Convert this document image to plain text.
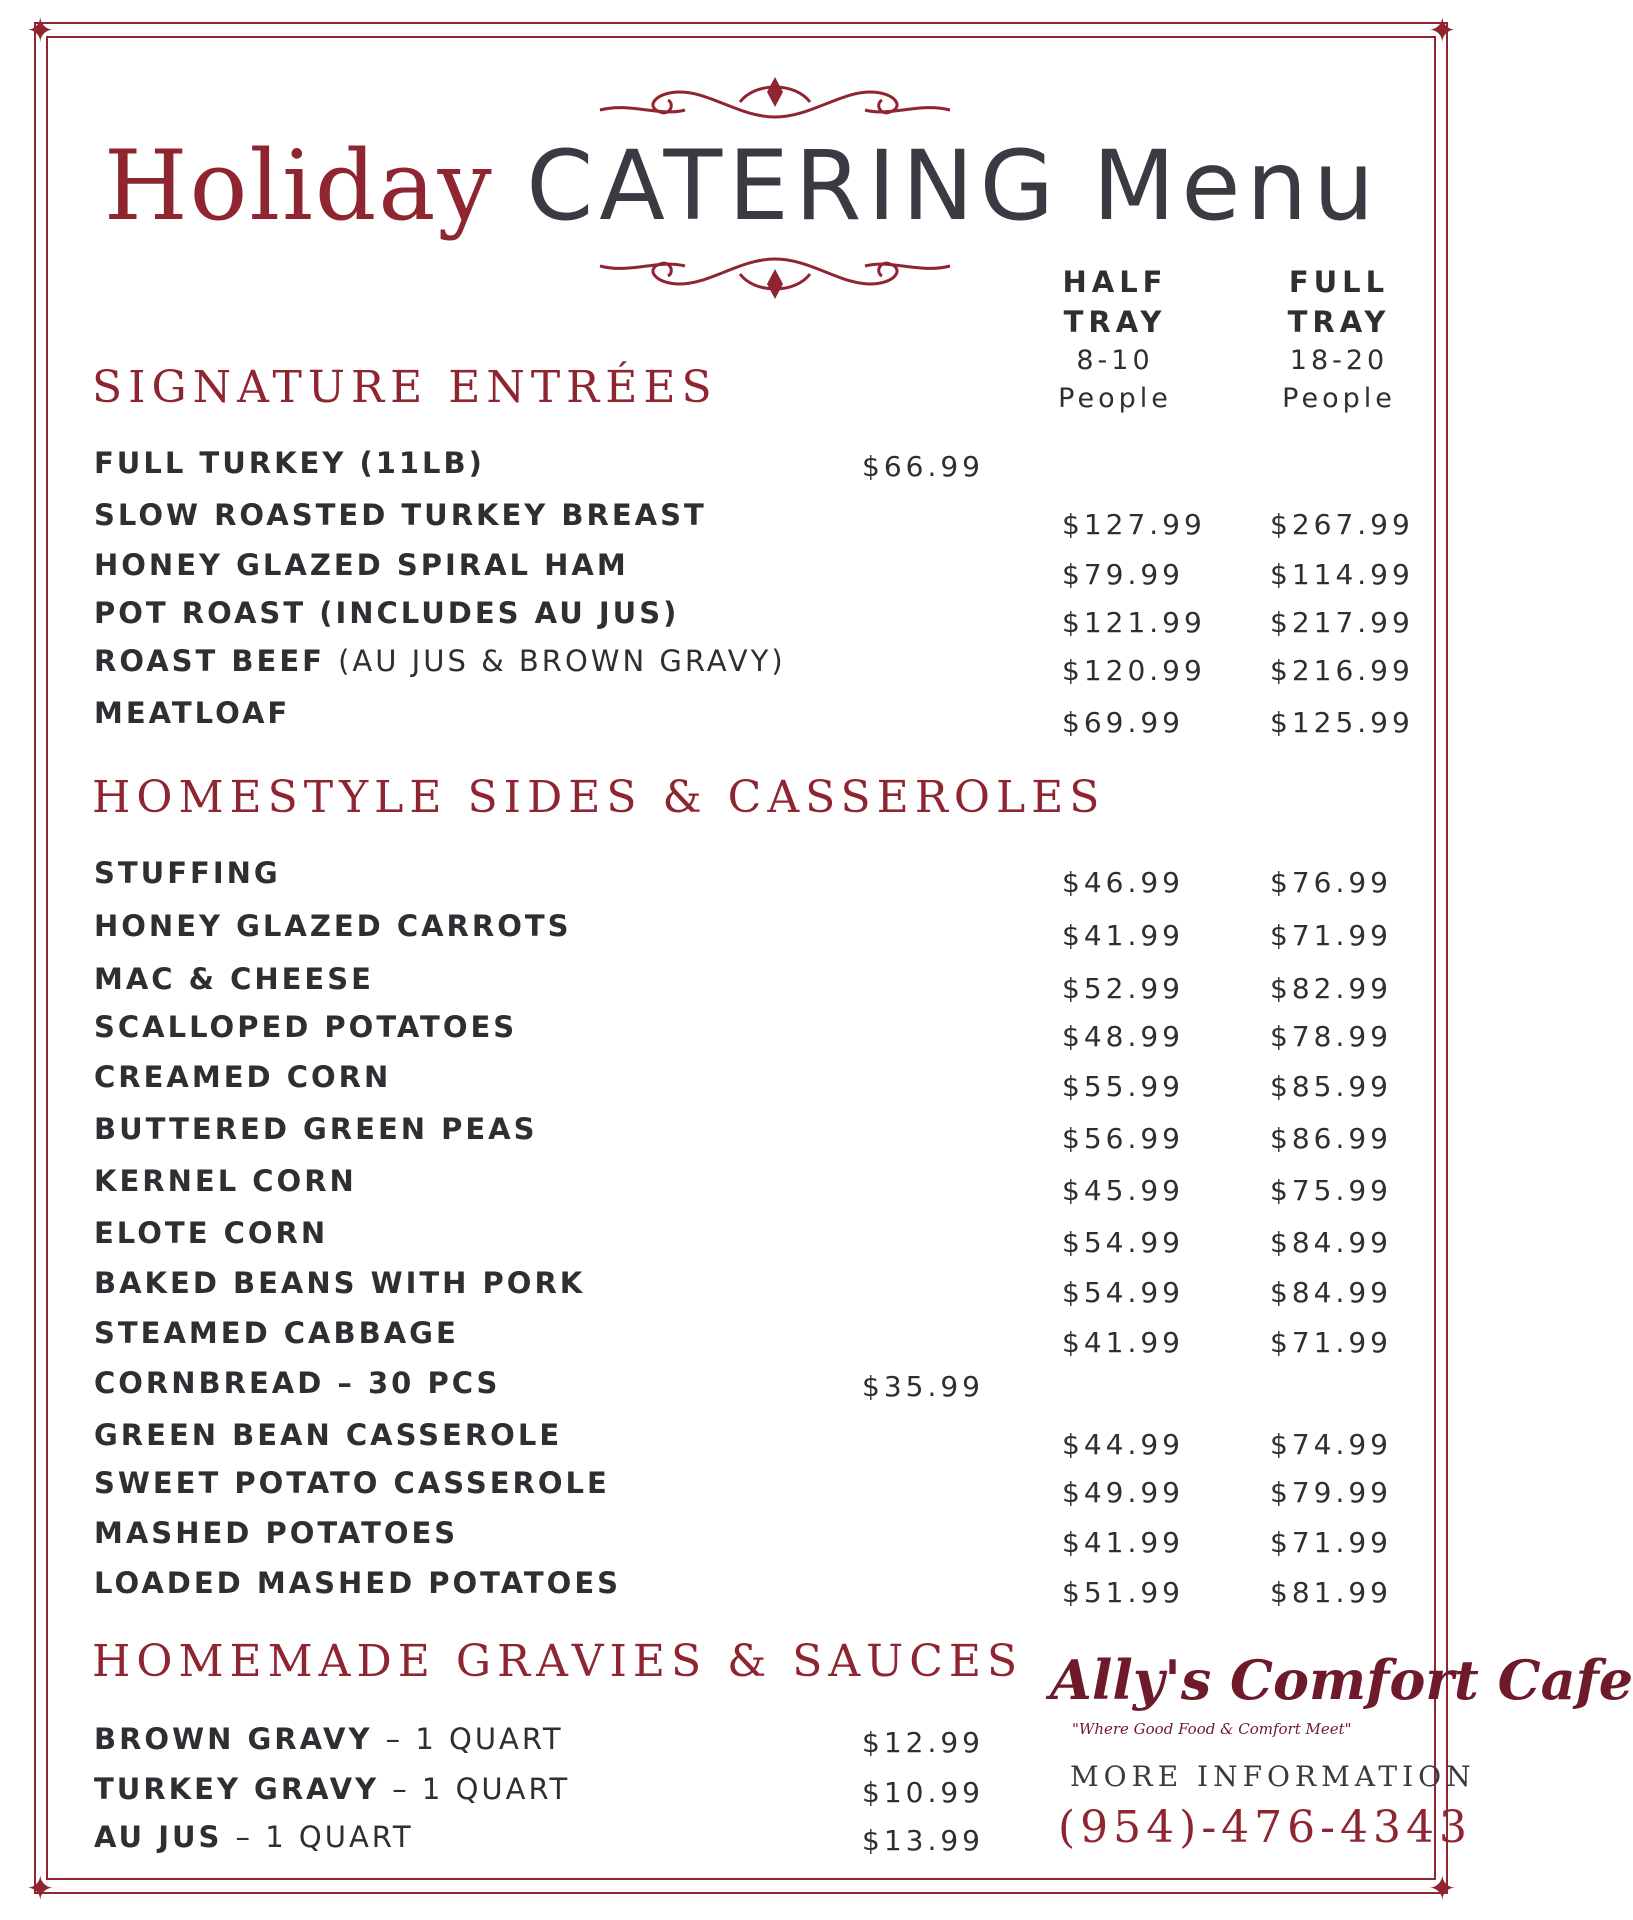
✦	✦
✦	✦
Holiday CATERING Menu
HALF
TRAY
8-10
People
FULL
TRAY
18-20
People
SIGNATURE ENTRÉES
HOMESTYLE SIDES & CASSEROLES
HOMEMADE GRAVIES & SAUCES
FULL TURKEY (11LB)	$66.99
SLOW ROASTED TURKEY BREAST	$127.99 $267.99
HONEY GLAZED SPIRAL HAM	$79.99	$114.99
POT ROAST (INCLUDES AU JUS)	$121.99 $217.99
ROAST BEEF (AU JUS & BROWN GRAVY)	$120.99 $216.99
MEATLOAF	$69.99	$125.99
STUFFING	$46.99	$76.99
HONEY GLAZED CARROTS	$41.99	$71.99
MAC & CHEESE	$52.99	$82.99
SCALLOPED POTATOES	$48.99	$78.99
CREAMED CORN	$55.99	$85.99
BUTTERED GREEN PEAS	$56.99	$86.99
KERNEL CORN	$45.99	$75.99
ELOTE CORN	$54.99	$84.99
BAKED BEANS WITH PORK	$54.99	$84.99
STEAMED CABBAGE	$41.99	$71.99
CORNBREAD – 30 PCS	$35.99
GREEN BEAN CASSEROLE	$44.99	$74.99
SWEET POTATO CASSEROLE	$49.99	$79.99
MASHED POTATOES	$41.99	$71.99
LOADED MASHED POTATOES	$51.99	$81.99
BROWN GRAVY – 1 QUART	$12.99
TURKEY GRAVY – 1 QUART	$10.99
AU JUS – 1 QUART	$13.99
Ally's Comfort Cafe
"Where Good Food & Comfort Meet"
MORE INFORMATION
(954)-476-4343
